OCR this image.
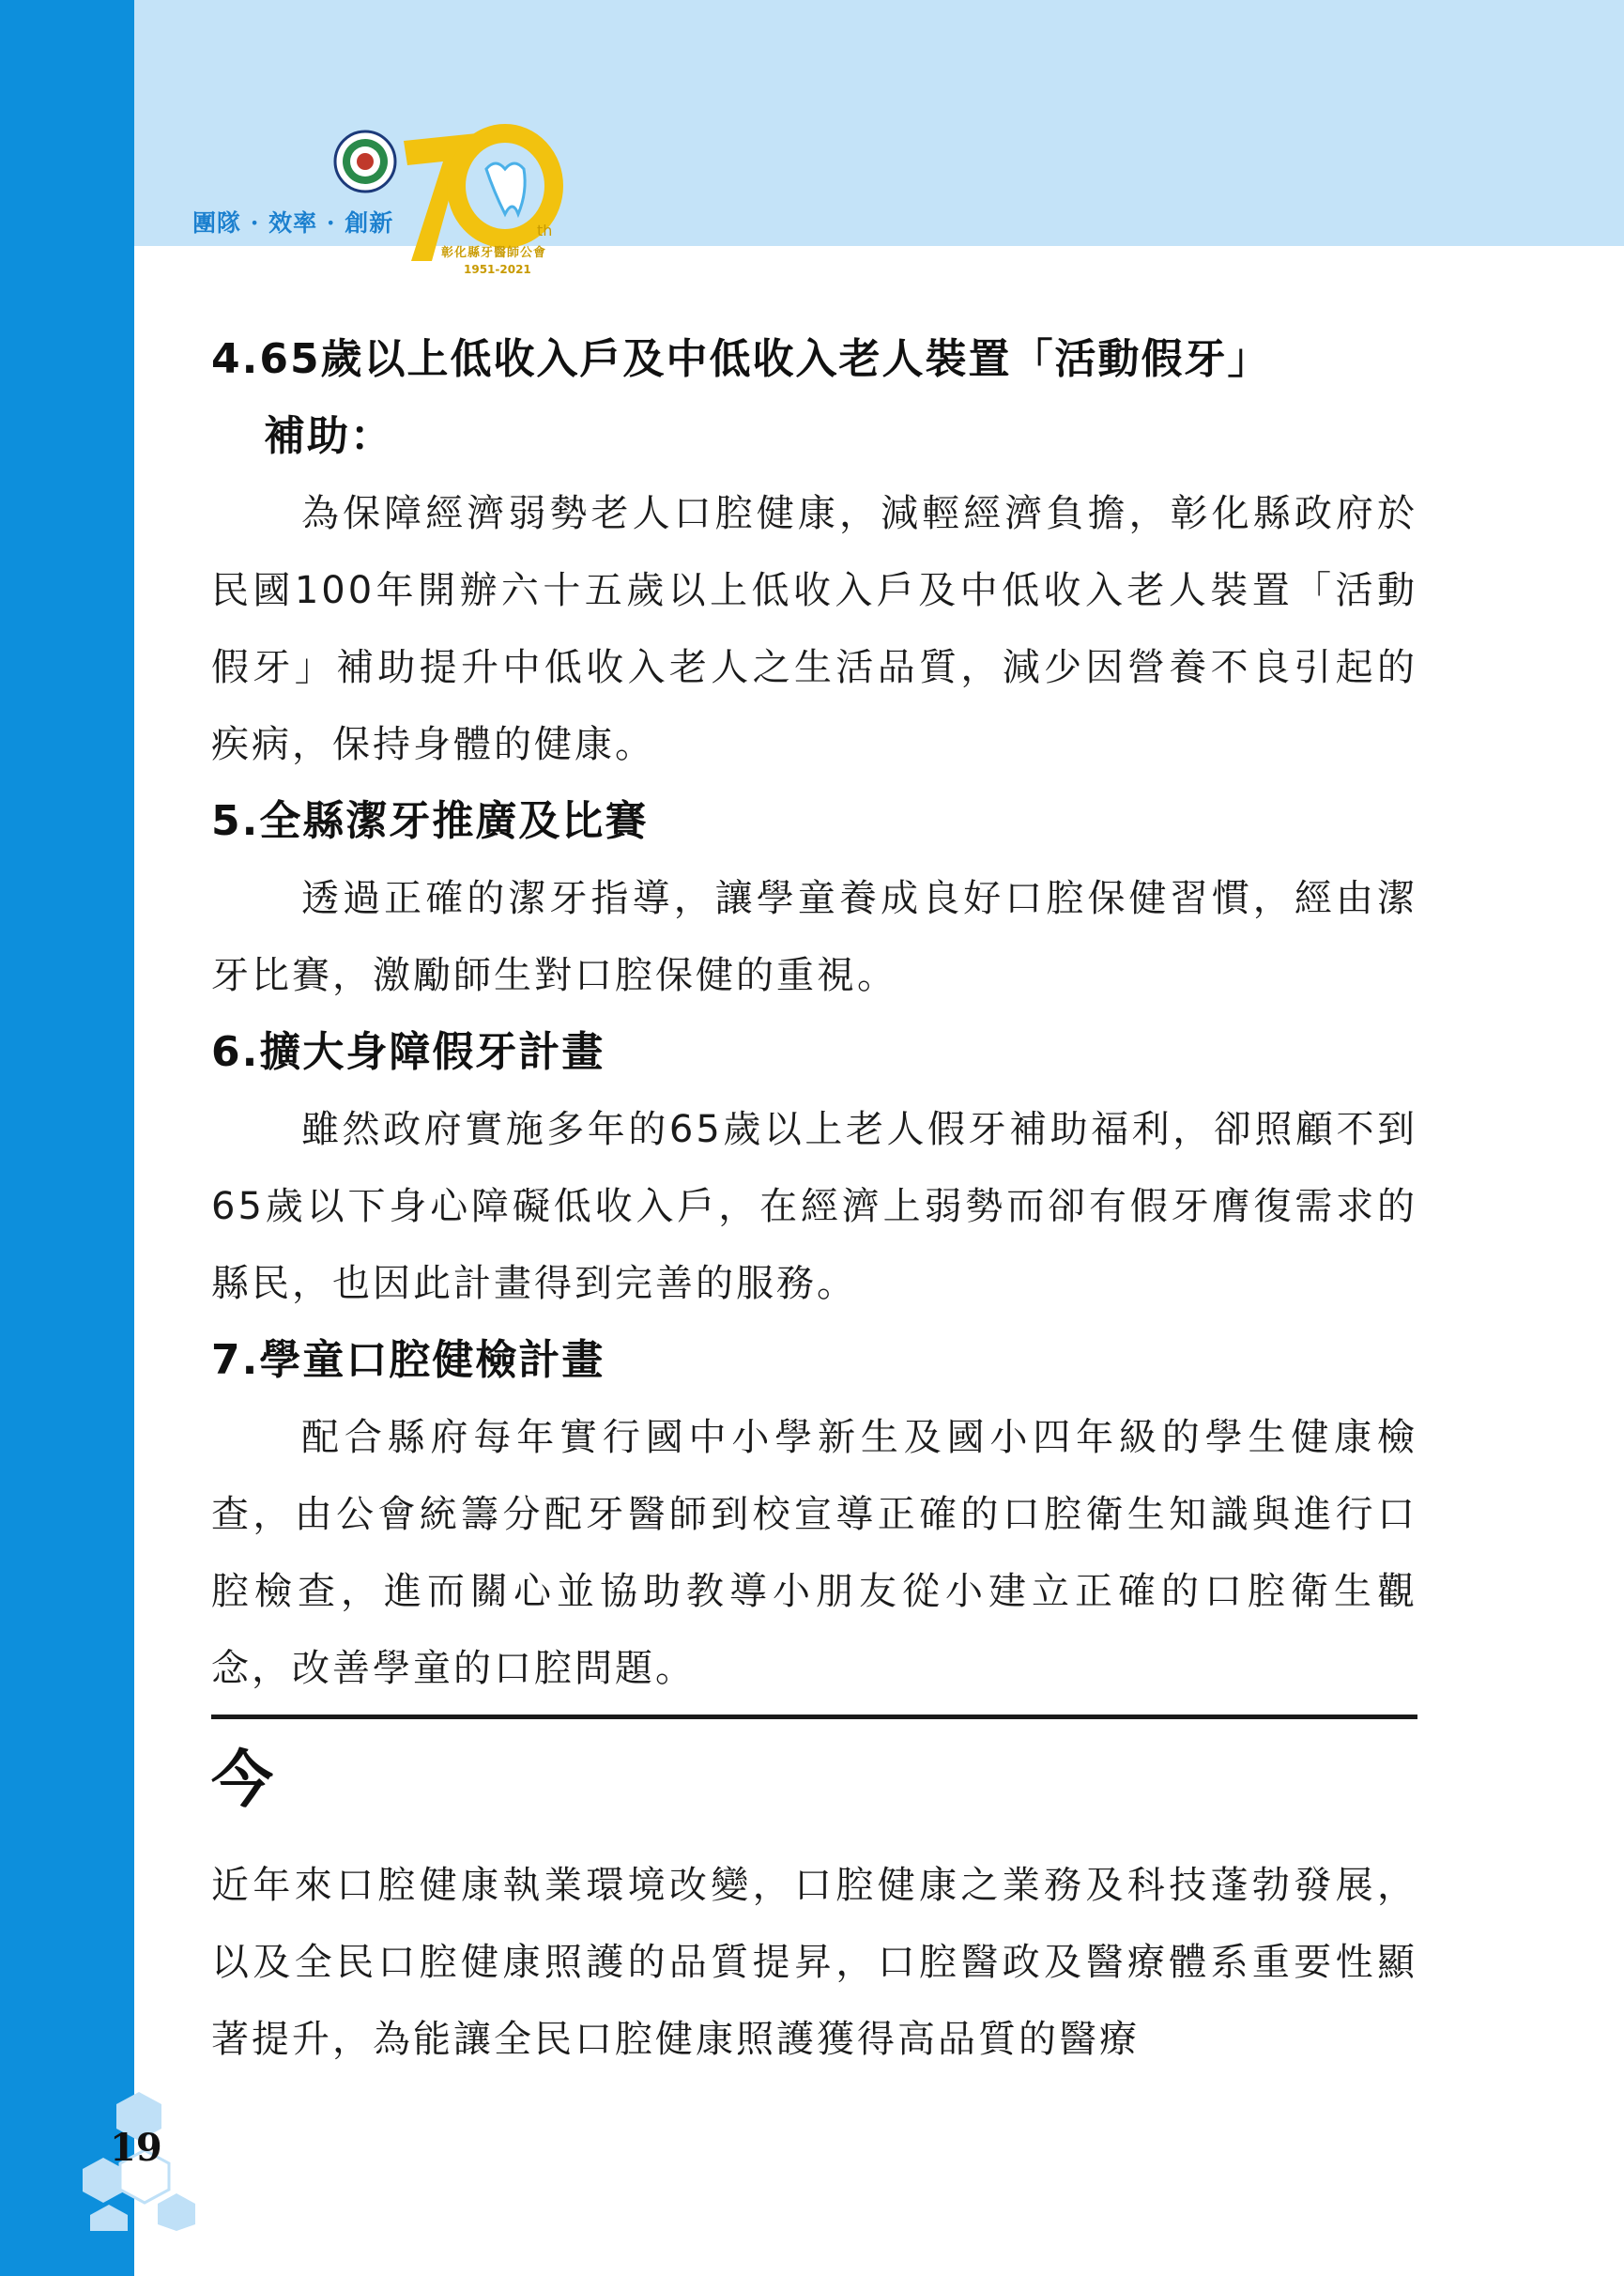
團隊 · 效率 · 創新	th
彰化縣牙醫師公會
1951-2021
4.65歲以上低收入戶及中低收入老人裝置「活動假牙」
補助：

為保障經濟弱勢老人口腔健康，減輕經濟負擔，彰化縣政府於民國100年開辦六十五歲以上低收入戶及中低收入老人裝置「活動假牙」補助提升中低收入老人之生活品質，減少因營養不良引起的疾病，保持身體的健康。

5.全縣潔牙推廣及比賽

透過正確的潔牙指導，讓學童養成良好口腔保健習慣，經由潔牙比賽，激勵師生對口腔保健的重視。

6.擴大身障假牙計畫

雖然政府實施多年的65歲以上老人假牙補助福利，卻照顧不到65歲以下身心障礙低收入戶，在經濟上弱勢而卻有假牙膺復需求的縣民，也因此計畫得到完善的服務。

7.學童口腔健檢計畫

配合縣府每年實行國中小學新生及國小四年級的學生健康檢查，由公會統籌分配牙醫師到校宣導正確的口腔衛生知識與進行口腔檢查，進而關心並協助教導小朋友從小建立正確的口腔衛生觀念，改善學童的口腔問題。

今

近年來口腔健康執業環境改變，口腔健康之業務及科技蓬勃發展，以及全民口腔健康照護的品質提昇，口腔醫政及醫療體系重要性顯著提升，為能讓全民口腔健康照護獲得高品質的醫療

19
